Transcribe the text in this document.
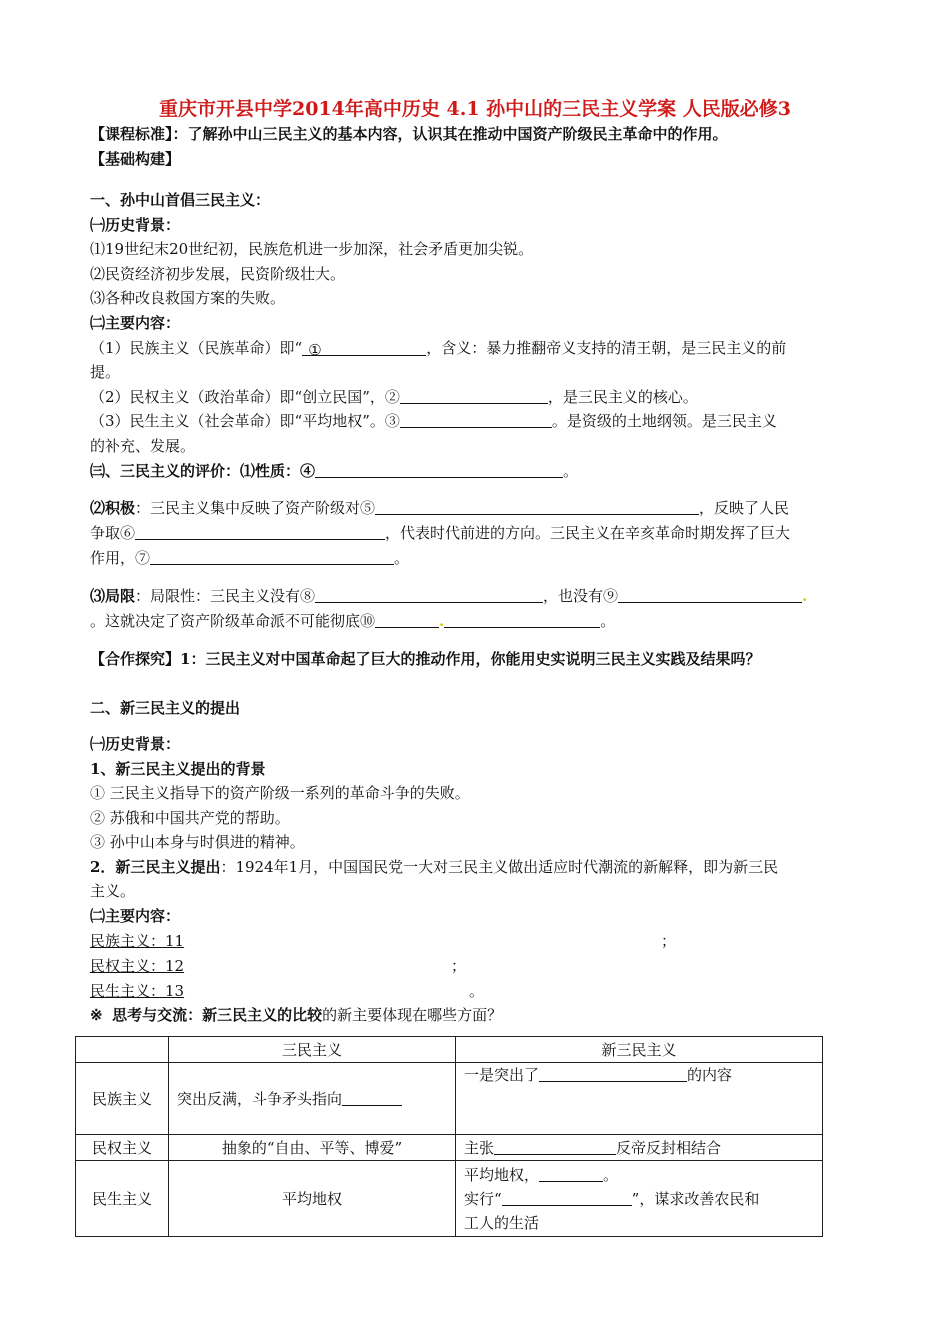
重庆市开县中学2014年高中历史 4.1 孙中山的三民主义学案 人民版必修3
【课程标准】：了解孙中山三民主义的基本内容，认识其在推动中国资产阶级民主革命中的作用。
【基础构建】
一、孙中山首倡三民主义：
㈠历史背景：
⑴19世纪末20世纪初，民族危机进一步加深，社会矛盾更加尖锐。
⑵民资经济初步发展，民资阶级壮大。
⑶各种改良救国方案的失败。
㈡主要内容：
（1）民族主义（民族革命）即“ ①	，含义：暴力推翻帝义支持的清王朝，是三民主义的前
提。
（2）民权主义（政治革命）即“创立民国”，②	，是三民主义的核心。
（3）民生主义（社会革命）即“平均地权”。③	。是资级的土地纲领。是三民主义
的补充、发展。
㈢、三民主义的评价：⑴性质：④	。
⑵积极：三民主义集中反映了资产阶级对⑤	，反映了人民
争取⑥	，代表时代前进的方向。三民主义在辛亥革命时期发挥了巨大
作用，⑦	。
⑶局限：局限性：三民主义没有⑧	，也没有⑨	.
。这就决定了资产阶级革命派不可能彻底⑩	.	。
【合作探究】1：三民主义对中国革命起了巨大的推动作用，你能用史实说明三民主义实践及结果吗？
二、新三民主义的提出
㈠历史背景：
1、新三民主义提出的背景
① 三民主义指导下的资产阶级一系列的革命斗争的失败。
② 苏俄和中国共产党的帮助。
③ 孙中山本身与时俱进的精神。
2．新三民主义提出：1924年1月，中国国民党一大对三民主义做出适应时代潮流的新解释，即为新三民
主义。
㈡主要内容：
民族主义：11	；
民权主义：12	；
民生主义：13	。
※ 思考与交流：新三民主义的比较的新主要体现在哪些方面？
	三民主义	新三民主义
民族主义	突出反满，斗争矛头指向	一是突出了 的内容
民权主义	抽象的“自由、平等、博爱”	主张 反帝反封相结合
民生主义	平均地权	平均地权， 。
实行“ ”，谋求改善农民和
工人的生活
